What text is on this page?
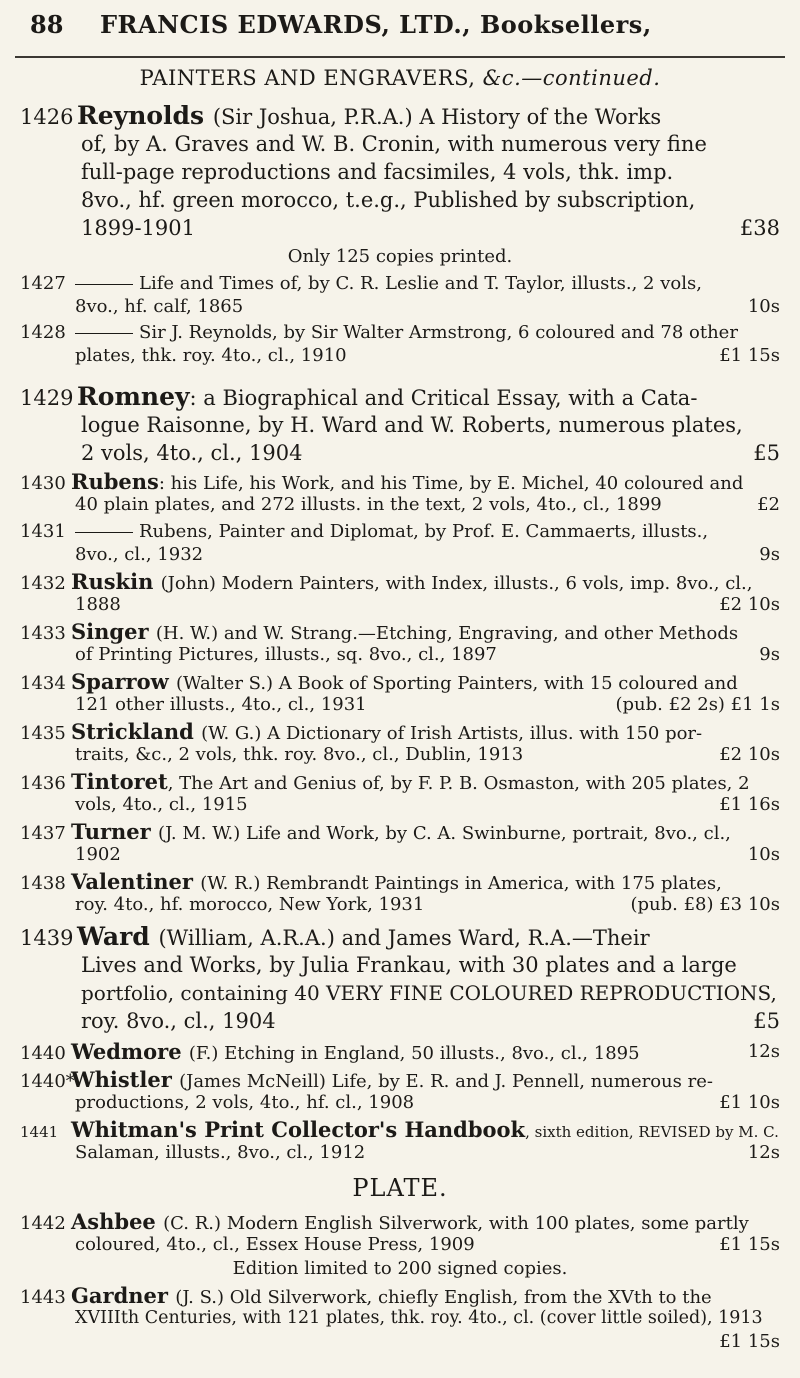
88 FRANCIS EDWARDS, LTD., Booksellers,
PAINTERS AND ENGRAVERS, &c.—continued.
1426 Reynolds (Sir Joshua, P.R.A.) A History of the Works
of, by A. Graves and W. B. Cronin, with numerous very fine
full-page reproductions and facsimiles, 4 vols, thk. imp.
8vo., hf. green morocco, t.e.g., Published by subscription,
1899-1901	£38
Only 125 copies printed.
1427	Life and Times of, by C. R. Leslie and T. Taylor, illusts., 2 vols,
8vo., hf. calf, 1865	10s
1428	Sir J. Reynolds, by Sir Walter Armstrong, 6 coloured and 78 other
plates, thk. roy. 4to., cl., 1910	£1 15s
1429 Romney: a Biographical and Critical Essay, with a Cata-
logue Raisonne, by H. Ward and W. Roberts, numerous plates,
2 vols, 4to., cl., 1904	£5
1430 Rubens: his Life, his Work, and his Time, by E. Michel, 40 coloured and
40 plain plates, and 272 illusts. in the text, 2 vols, 4to., cl., 1899	£2
1431	Rubens, Painter and Diplomat, by Prof. E. Cammaerts, illusts.,
8vo., cl., 1932	9s
1432 Ruskin (John) Modern Painters, with Index, illusts., 6 vols, imp. 8vo., cl.,
1888	£2 10s
1433 Singer (H. W.) and W. Strang.—Etching, Engraving, and other Methods
of Printing Pictures, illusts., sq. 8vo., cl., 1897	9s
1434 Sparrow (Walter S.) A Book of Sporting Painters, with 15 coloured and
121 other illusts., 4to., cl., 1931	(pub. £2 2s) £1 1s
1435 Strickland (W. G.) A Dictionary of Irish Artists, illus. with 150 por-
traits, &c., 2 vols, thk. roy. 8vo., cl., Dublin, 1913	£2 10s
1436 Tintoret, The Art and Genius of, by F. P. B. Osmaston, with 205 plates, 2
vols, 4to., cl., 1915	£1 16s
1437 Turner (J. M. W.) Life and Work, by C. A. Swinburne, portrait, 8vo., cl.,
1902	10s
1438 Valentiner (W. R.) Rembrandt Paintings in America, with 175 plates,
roy. 4to., hf. morocco, New York, 1931	(pub. £8) £3 10s
1439 Ward (William, A.R.A.) and James Ward, R.A.—Their
Lives and Works, by Julia Frankau, with 30 plates and a large
portfolio, containing 40 VERY FINE COLOURED REPRODUCTIONS,
roy. 8vo., cl., 1904	£5
1440 Wedmore (F.) Etching in England, 50 illusts., 8vo., cl., 1895	12s
1440*Whistler (James McNeill) Life, by E. R. and J. Pennell, numerous re-
productions, 2 vols, 4to., hf. cl., 1908	£1 10s
1441 Whitman's Print Collector's Handbook, sixth edition, REVISED by M. C.
Salaman, illusts., 8vo., cl., 1912	12s
PLATE.
1442 Ashbee (C. R.) Modern English Silverwork, with 100 plates, some partly
coloured, 4to., cl., Essex House Press, 1909	£1 15s
Edition limited to 200 signed copies.
1443 Gardner (J. S.) Old Silverwork, chiefly English, from the XVth to the
XVIIIth Centuries, with 121 plates, thk. roy. 4to., cl. (cover little soiled), 1913
£1 15s
